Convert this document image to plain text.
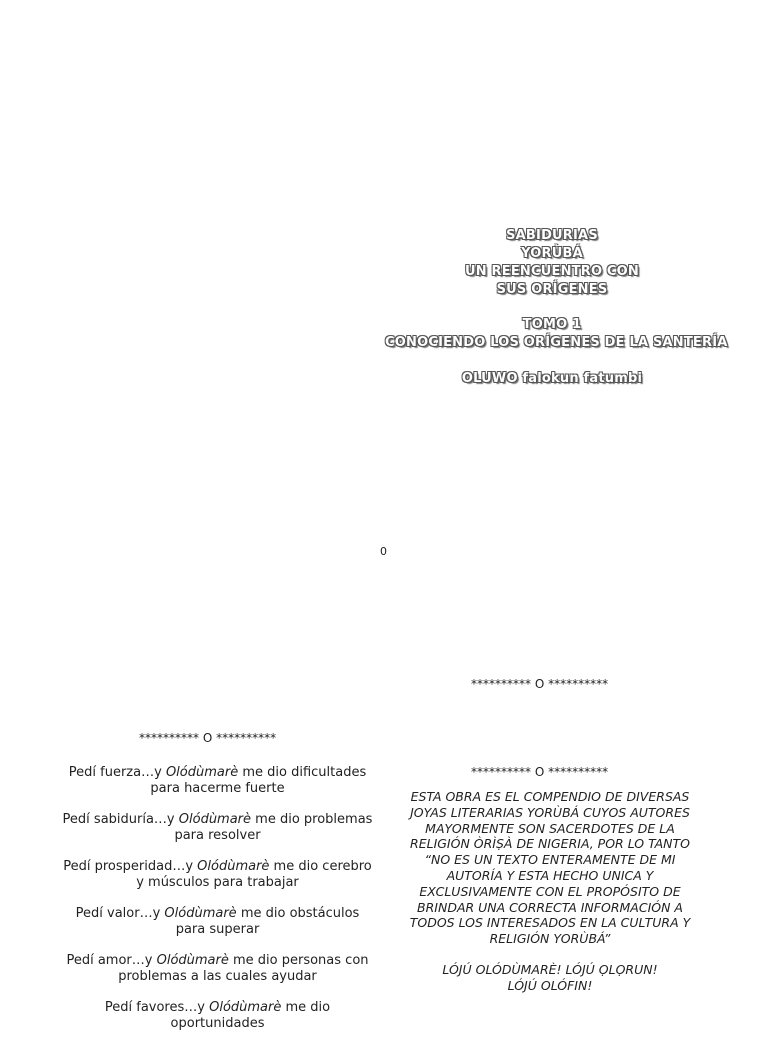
SABIDURIAS
YORÙBÁ
UN REENCUENTRO CON
SUS ORÍGENES
TOMO 1
CONOCIENDO LOS ORÍGENES DE LA SANTERÍA
OLUWO falokun fatumbi
0
********** O **********
********** O **********
********** O **********

Pedí fuerza…y Olódùmarè me dio dificultades para hacerme fuerte

Pedí sabiduría…y Olódùmarè me dio problemas para resolver

Pedí prosperidad…y Olódùmarè me dio cerebro y músculos para trabajar

Pedí valor…y Olódùmarè me dio obstáculos para superar

Pedí amor…y Olódùmarè me dio personas con problemas a las cuales ayudar

Pedí favores…y Olódùmarè me dio oportunidades

ESTA OBRA ES EL COMPENDIO DE DIVERSAS JOYAS LITERARIAS YORÙBÁ CUYOS AUTORES
MAYORMENTE SON SACERDOTES DE LA RELIGIÓN ÒRÌṢÀ DE NIGERIA, POR LO TANTO
“NO ES UN TEXTO ENTERAMENTE DE MI AUTORÍA Y ESTA HECHO UNICA Y EXCLUSIVAMENTE CON EL PROPÓSITO DE BRINDAR UNA CORRECTA INFORMACIÓN A TODOS LOS INTERESADOS EN LA CULTURA Y RELIGIÓN YORÙBÁ”
LÓJÚ OLÓDÙMARÈ! LÓJÚ ỌLỌRUN!
LÓJÚ OLÓFIN!
